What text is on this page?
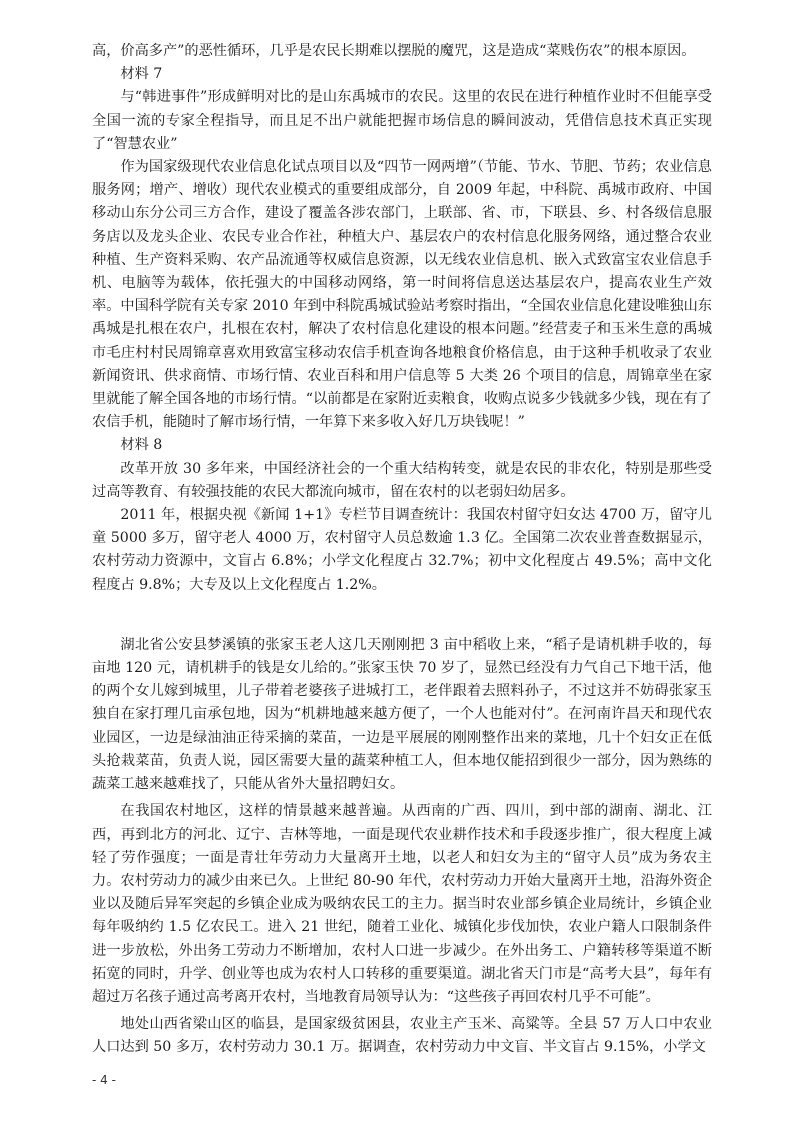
高，价高多产”的恶性循环，几乎是农民长期难以摆脱的魔咒，这是造成“菜贱伤农”的根本原因。

材料 7

与“韩进事件”形成鲜明对比的是山东禹城市的农民。这里的农民在进行种植作业时不但能享受全国一流的专家全程指导，而且足不出户就能把握市场信息的瞬间波动，凭借信息技术真正实现了“智慧农业”

作为国家级现代农业信息化试点项目以及“四节一网两增”（节能、节水、节肥、节药；农业信息服务网；增产、增收）现代农业模式的重要组成部分，自 2009 年起，中科院、禹城市政府、中国移动山东分公司三方合作，建设了覆盖各涉农部门，上联部、省、市，下联县、乡、村各级信息服务店以及龙头企业、农民专业合作社，种植大户、基层农户的农村信息化服务网络，通过整合农业种植、生产资料采购、农产品流通等权威信息资源，以无线农业信息机、嵌入式致富宝农业信息手机、电脑等为载体，依托强大的中国移动网络，第一时间将信息送达基层农户，提高农业生产效率。中国科学院有关专家 2010 年到中科院禹城试验站考察时指出，“全国农业信息化建设唯独山东禹城是扎根在农户，扎根在农村，解决了农村信息化建设的根本问题。”经营麦子和玉米生意的禹城市毛庄村村民周锦章喜欢用致富宝移动农信手机查询各地粮食价格信息，由于这种手机收录了农业新闻资讯、供求商情、市场行情、农业百科和用户信息等 5 大类 26 个项目的信息，周锦章坐在家里就能了解全国各地的市场行情。“以前都是在家附近卖粮食，收购点说多少钱就多少钱，现在有了农信手机，能随时了解市场行情，一年算下来多收入好几万块钱呢！”

材料 8

改革开放 30 多年来，中国经济社会的一个重大结构转变，就是农民的非农化，特别是那些受过高等教育、有较强技能的农民大都流向城市，留在农村的以老弱妇幼居多。

2011 年，根据央视《新闻 1+1》专栏节目调查统计：我国农村留守妇女达 4700 万，留守儿童 5000 多万，留守老人 4000 万，农村留守人员总数逾 1.3 亿。全国第二次农业普查数据显示，农村劳动力资源中，文盲占 6.8%；小学文化程度占 32.7%；初中文化程度占 49.5%；高中文化程度占 9.8%；大专及以上文化程度占 1.2%。

湖北省公安县梦溪镇的张家玉老人这几天刚刚把 3 亩中稻收上来，“稻子是请机耕手收的，每亩地 120 元，请机耕手的钱是女儿给的。”张家玉快 70 岁了，显然已经没有力气自己下地干活，他的两个女儿嫁到城里，儿子带着老婆孩子进城打工，老伴跟着去照料孙子，不过这并不妨碍张家玉独自在家打理几亩承包地，因为“机耕地越来越方便了，一个人也能对付”。在河南许昌天和现代农业园区，一边是绿油油正待采摘的菜苗，一边是平展展的刚刚整作出来的菜地，几十个妇女正在低头抢栽菜苗，负责人说，园区需要大量的蔬菜种植工人，但本地仅能招到很少一部分，因为熟练的蔬菜工越来越难找了，只能从省外大量招聘妇女。

在我国农村地区，这样的情景越来越普遍。从西南的广西、四川，到中部的湖南、湖北、江西，再到北方的河北、辽宁、吉林等地，一面是现代农业耕作技术和手段逐步推广，很大程度上减轻了劳作强度；一面是青壮年劳动力大量离开土地，以老人和妇女为主的“留守人员”成为务农主力。农村劳动力的减少由来已久。上世纪 80-90 年代，农村劳动力开始大量离开土地，沿海外资企业以及随后异军突起的乡镇企业成为吸纳农民工的主力。据当时农业部乡镇企业局统计，乡镇企业每年吸纳约 1.5 亿农民工。进入 21 世纪，随着工业化、城镇化步伐加快，农业户籍人口限制条件进一步放松，外出务工劳动力不断增加，农村人口进一步减少。在外出务工、户籍转移等渠道不断拓宽的同时，升学、创业等也成为农村人口转移的重要渠道。湖北省天门市是“高考大县”，每年有超过万名孩子通过高考离开农村，当地教育局领导认为：“这些孩子再回农村几乎不可能”。

地处山西省梁山区的临县，是国家级贫困县，农业主产玉米、高粱等。全县 57 万人口中农业人口达到 50 多万，农村劳动力 30.1 万。据调查，农村劳动力中文盲、半文盲占 9.15%，小学文

- 4 -
